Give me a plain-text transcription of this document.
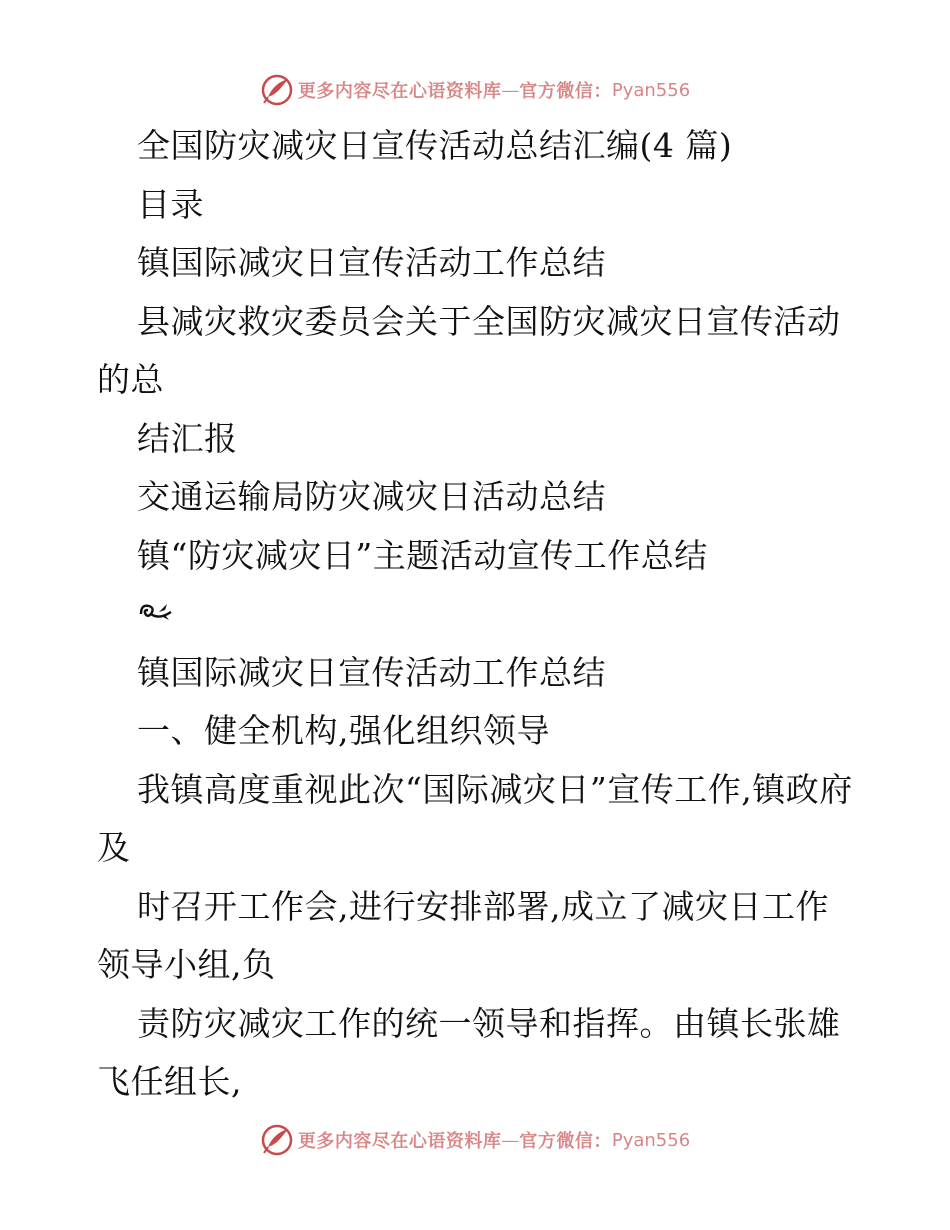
更多内容尽在心语资料库 — 官方微信： Pyan556

全国防灾减灾日宣传活动总结汇编(4 篇)

目录

镇国际减灾日宣传活动工作总结

县减灾救灾委员会关于全国防灾减灾日宣传活动的总

结汇报

交通运输局防灾减灾日活动总结

镇“防灾减灾日”主题活动宣传工作总结

镇国际减灾日宣传活动工作总结

一、健全机构,强化组织领导

我镇高度重视此次“国际减灾日”宣传工作,镇政府及

时召开工作会,进行安排部署,成立了减灾日工作领导小组,负

责防灾减灾工作的统一领导和指挥。由镇长张雄飞任组长,

更多内容尽在心语资料库 — 官方微信： Pyan556
